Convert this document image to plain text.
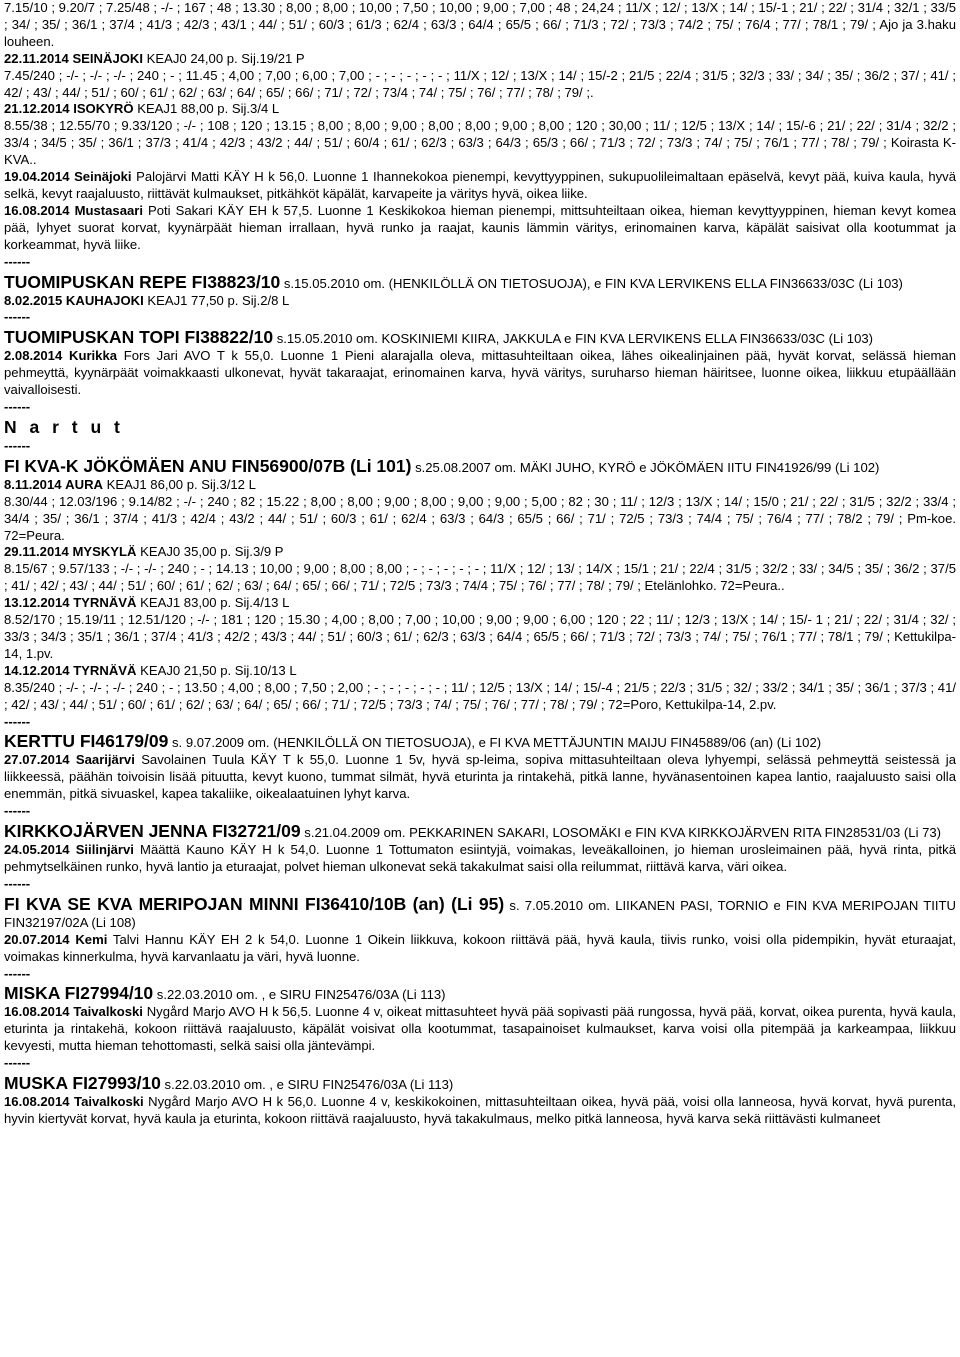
7.15/10 ; 9.20/7 ; 7.25/48 ; -/- ; 167 ; 48 ; 13.30 ; 8,00 ; 8,00 ; 10,00 ; 7,50 ; 10,00 ; 9,00 ; 7,00 ; 48 ; 24,24 ; 11/X ; 12/ ; 13/X ; 14/ ; 15/-1 ; 21/ ; 22/ ; 31/4 ; 32/1 ; 33/5 ; 34/ ; 35/ ; 36/1 ; 37/4 ; 41/3 ; 42/3 ; 43/1 ; 44/ ; 51/ ; 60/3 ; 61/3 ; 62/4 ; 63/3 ; 64/4 ; 65/5 ; 66/ ; 71/3 ; 72/ ; 73/3 ; 74/2 ; 75/ ; 76/4 ; 77/ ; 78/1 ; 79/ ; Ajo ja 3.haku louheen.

22.11.2014 SEINÄJOKI KEAJ0 24,00 p. Sij.19/21 P

7.45/240 ; -/- ; -/- ; -/- ; 240 ; - ; 11.45 ; 4,00 ; 7,00 ; 6,00 ; 7,00 ; - ; - ; - ; - ; - ; 11/X ; 12/ ; 13/X ; 14/ ; 15/-2 ; 21/5 ; 22/4 ; 31/5 ; 32/3 ; 33/ ; 34/ ; 35/ ; 36/2 ; 37/ ; 41/ ; 42/ ; 43/ ; 44/ ; 51/ ; 60/ ; 61/ ; 62/ ; 63/ ; 64/ ; 65/ ; 66/ ; 71/ ; 72/ ; 73/4 ; 74/ ; 75/ ; 76/ ; 77/ ; 78/ ; 79/ ;.

21.12.2014 ISOKYRÖ KEAJ1 88,00 p. Sij.3/4 L

8.55/38 ; 12.55/70 ; 9.33/120 ; -/- ; 108 ; 120 ; 13.15 ; 8,00 ; 8,00 ; 9,00 ; 8,00 ; 8,00 ; 9,00 ; 8,00 ; 120 ; 30,00 ; 11/ ; 12/5 ; 13/X ; 14/ ; 15/-6 ; 21/ ; 22/ ; 31/4 ; 32/2 ; 33/4 ; 34/5 ; 35/ ; 36/1 ; 37/3 ; 41/4 ; 42/3 ; 43/2 ; 44/ ; 51/ ; 60/4 ; 61/ ; 62/3 ; 63/3 ; 64/3 ; 65/3 ; 66/ ; 71/3 ; 72/ ; 73/3 ; 74/ ; 75/ ; 76/1 ; 77/ ; 78/ ; 79/ ; Koirasta K-KVA..

19.04.2014 Seinäjoki Palojärvi Matti KÄY H k 56,0. Luonne 1 Ihannekokoa pienempi, kevyttyyppinen, sukupuolileimaltaan epäselvä, kevyt pää, kuiva kaula, hyvä selkä, kevyt raajaluusto, riittävät kulmaukset, pitkähköt käpälät, karvapeite ja väritys hyvä, oikea liike.

16.08.2014 Mustasaari Poti Sakari KÄY EH k 57,5. Luonne 1 Keskikokoa hieman pienempi, mittsuhteiltaan oikea, hieman kevyttyyppinen, hieman kevyt komea pää, lyhyet suorat korvat, kyynärpäät hieman irrallaan, hyvä runko ja raajat, kaunis lämmin väritys, erinomainen karva, käpälät saisivat olla kootummat ja korkeammat, hyvä liike.

------

TUOMIPUSKAN REPE FI38823/10 s.15.05.2010 om. (HENKILÖLLÄ ON TIETOSUOJA), e FIN KVA LERVIKENS ELLA FIN36633/03C (Li 103)

8.02.2015 KAUHAJOKI KEAJ1 77,50 p. Sij.2/8 L

------

TUOMIPUSKAN TOPI FI38822/10 s.15.05.2010 om. KOSKINIEMI KIIRA, JAKKULA e FIN KVA LERVIKENS ELLA FIN36633/03C (Li 103)

2.08.2014 Kurikka Fors Jari AVO T k 55,0. Luonne 1 Pieni alarajalla oleva, mittasuhteiltaan oikea, lähes oikealinjainen pää, hyvät korvat, selässä hieman pehmeyttä, kyynärpäät voimakkaasti ulkonevat, hyvät takaraajat, erinomainen karva, hyvä väritys, suruharso hieman häiritsee, luonne oikea, liikkuu etupäällään vaivalloisesti.

------

N a r t u t

------

FI KVA-K JÖKÖMÄEN ANU FIN56900/07B (Li 101) s.25.08.2007 om. MÄKI JUHO, KYRÖ e JÖKÖMÄEN IITU FIN41926/99 (Li 102)

8.11.2014 AURA KEAJ1 86,00 p. Sij.3/12 L

8.30/44 ; 12.03/196 ; 9.14/82 ; -/- ; 240 ; 82 ; 15.22 ; 8,00 ; 8,00 ; 9,00 ; 8,00 ; 9,00 ; 9,00 ; 5,00 ; 82 ; 30 ; 11/ ; 12/3 ; 13/X ; 14/ ; 15/0 ; 21/ ; 22/ ; 31/5 ; 32/2 ; 33/4 ; 34/4 ; 35/ ; 36/1 ; 37/4 ; 41/3 ; 42/4 ; 43/2 ; 44/ ; 51/ ; 60/3 ; 61/ ; 62/4 ; 63/3 ; 64/3 ; 65/5 ; 66/ ; 71/ ; 72/5 ; 73/3 ; 74/4 ; 75/ ; 76/4 ; 77/ ; 78/2 ; 79/ ; Pm-koe. 72=Peura.

29.11.2014 MYSKYLÄ KEAJ0 35,00 p. Sij.3/9 P

8.15/67 ; 9.57/133 ; -/- ; -/- ; 240 ; - ; 14.13 ; 10,00 ; 9,00 ; 8,00 ; 8,00 ; - ; - ; - ; - ; - ; 11/X ; 12/ ; 13/ ; 14/X ; 15/1 ; 21/ ; 22/4 ; 31/5 ; 32/2 ; 33/ ; 34/5 ; 35/ ; 36/2 ; 37/5 ; 41/ ; 42/ ; 43/ ; 44/ ; 51/ ; 60/ ; 61/ ; 62/ ; 63/ ; 64/ ; 65/ ; 66/ ; 71/ ; 72/5 ; 73/3 ; 74/4 ; 75/ ; 76/ ; 77/ ; 78/ ; 79/ ; Etelänlohko. 72=Peura..

13.12.2014 TYRNÄVÄ KEAJ1 83,00 p. Sij.4/13 L

8.52/170 ; 15.19/11 ; 12.51/120 ; -/- ; 181 ; 120 ; 15.30 ; 4,00 ; 8,00 ; 7,00 ; 10,00 ; 9,00 ; 9,00 ; 6,00 ; 120 ; 22 ; 11/ ; 12/3 ; 13/X ; 14/ ; 15/- 1 ; 21/ ; 22/ ; 31/4 ; 32/ ; 33/3 ; 34/3 ; 35/1 ; 36/1 ; 37/4 ; 41/3 ; 42/2 ; 43/3 ; 44/ ; 51/ ; 60/3 ; 61/ ; 62/3 ; 63/3 ; 64/4 ; 65/5 ; 66/ ; 71/3 ; 72/ ; 73/3 ; 74/ ; 75/ ; 76/1 ; 77/ ; 78/1 ; 79/ ; Kettukilpa-14, 1.pv.

14.12.2014 TYRNÄVÄ KEAJ0 21,50 p. Sij.10/13 L

8.35/240 ; -/- ; -/- ; -/- ; 240 ; - ; 13.50 ; 4,00 ; 8,00 ; 7,50 ; 2,00 ; - ; - ; - ; - ; - ; 11/ ; 12/5 ; 13/X ; 14/ ; 15/-4 ; 21/5 ; 22/3 ; 31/5 ; 32/ ; 33/2 ; 34/1 ; 35/ ; 36/1 ; 37/3 ; 41/ ; 42/ ; 43/ ; 44/ ; 51/ ; 60/ ; 61/ ; 62/ ; 63/ ; 64/ ; 65/ ; 66/ ; 71/ ; 72/5 ; 73/3 ; 74/ ; 75/ ; 76/ ; 77/ ; 78/ ; 79/ ; 72=Poro, Kettukilpa-14, 2.pv.

------

KERTTU FI46179/09 s. 9.07.2009 om. (HENKILÖLLÄ ON TIETOSUOJA), e FI KVA METTÄJUNTIN MAIJU FIN45889/06 (an) (Li 102)

27.07.2014 Saarijärvi Savolainen Tuula KÄY T k 55,0. Luonne 1 5v, hyvä sp-leima, sopiva mittasuhteiltaan oleva lyhyempi, selässä pehmeyttä seistessä ja liikkeessä, päähän toivoisin lisää pituutta, kevyt kuono, tummat silmät, hyvä eturinta ja rintakehä, pitkä lanne, hyvänasentoinen kapea lantio, raajaluusto saisi olla enemmän, pitkä sivuaskel, kapea takaliike, oikealaatuinen lyhyt karva.

------

KIRKKOJÄRVEN JENNA FI32721/09 s.21.04.2009 om. PEKKARINEN SAKARI, LOSOMÄKI e FIN KVA KIRKKOJÄRVEN RITA FIN28531/03 (Li 73)

24.05.2014 Siilinjärvi Määttä Kauno KÄY H k 54,0. Luonne 1 Tottumaton esiintyjä, voimakas, leveäkalloinen, jo hieman urosleimainen pää, hyvä rinta, pitkä pehmytselkäinen runko, hyvä lantio ja eturaajat, polvet hieman ulkonevat sekä takakulmat saisi olla reilummat, riittävä karva, väri oikea.

------

FI KVA SE KVA MERIPOJAN MINNI FI36410/10B (an) (Li 95) s. 7.05.2010 om. LIIKANEN PASI, TORNIO e FIN KVA MERIPOJAN TIITU FIN32197/02A (Li 108)

20.07.2014 Kemi Talvi Hannu KÄY EH 2 k 54,0. Luonne 1 Oikein liikkuva, kokoon riittävä pää, hyvä kaula, tiivis runko, voisi olla pidempikin, hyvät eturaajat, voimakas kinnerkulma, hyvä karvanlaatu ja väri, hyvä luonne.

------

MISKA FI27994/10 s.22.03.2010 om. , e SIRU FIN25476/03A (Li 113)

16.08.2014 Taivalkoski Nygård Marjo AVO H k 56,5. Luonne 4 v, oikeat mittasuhteet hyvä pää sopivasti pää rungossa, hyvä pää, korvat, oikea purenta, hyvä kaula, eturinta ja rintakehä, kokoon riittävä raajaluusto, käpälät voisivat olla kootummat, tasapainoiset kulmaukset, karva voisi olla pitempää ja karkeampaa, liikkuu kevyesti, mutta hieman tehottomasti, selkä saisi olla jäntevämpi.

------

MUSKA FI27993/10 s.22.03.2010 om. , e SIRU FIN25476/03A (Li 113)

16.08.2014 Taivalkoski Nygård Marjo AVO H k 56,0. Luonne 4 v, keskikokoinen, mittasuhteiltaan oikea, hyvä pää, voisi olla lanneosa, hyvä korvat, hyvä purenta, hyvin kiertyvät korvat, hyvä kaula ja eturinta, kokoon riittävä raajaluusto, hyvä takakulmaus, melko pitkä lanneosa, hyvä karva sekä riittävästi kulmaneet
